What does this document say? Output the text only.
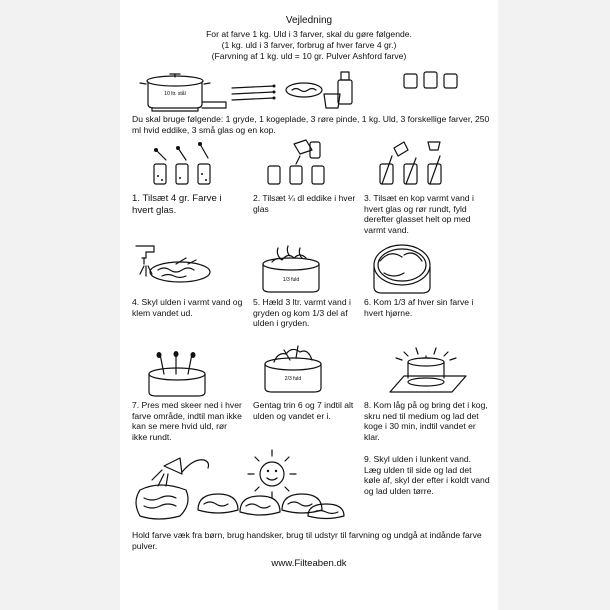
Vejledning

For at farve 1 kg. Uld i 3 farver, skal du gøre følgende.

(1 kg. uld i 3 farver, forbrug af hver farve 4 gr.)

(Farvning af 1 kg. uld = 10 gr. Pulver Ashford farve)

10 ltr. stål

Du skal bruge følgende: 1 gryde, 1 kogeplade, 3 røre pinde, 1 kg. Uld, 3 forskellige farver, 250 ml hvid eddike, 3 små glas og en kop.

1. Tilsæt 4 gr. Farve i hvert glas.

2. Tilsæt ¼ dl eddike i hver glas

3. Tilsæt en kop varmt vand i hvert glas og rør rundt, fyld derefter glasset helt op med varmt vand.

1/3 fuld

4. Skyl ulden i varmt vand og klem vandet ud.

5. Hæld 3 ltr. varmt vand i gryden og kom 1/3 del af ulden i gryden.

6. Kom 1/3 af hver sin farve i hvert hjørne.

2/3 fuld

7. Pres med skeer ned i hver farve område, indtil man ikke kan se mere hvid uld, rør ikke rundt.

Gentag trin 6 og 7 indtil alt ulden og vandet er i.

8. Kom låg på og bring det i kog, skru ned til medium og lad det koge i 30 min, indtil vandet er klar.

9. Skyl ulden i lunkent vand. Læg ulden til side og lad det køle af, skyl der efter i koldt vand og lad ulden tørre.

Hold farve væk fra børn, brug handsker, brug til udstyr til farvning og undgå at indånde farve pulver.

www.Filteaben.dk
